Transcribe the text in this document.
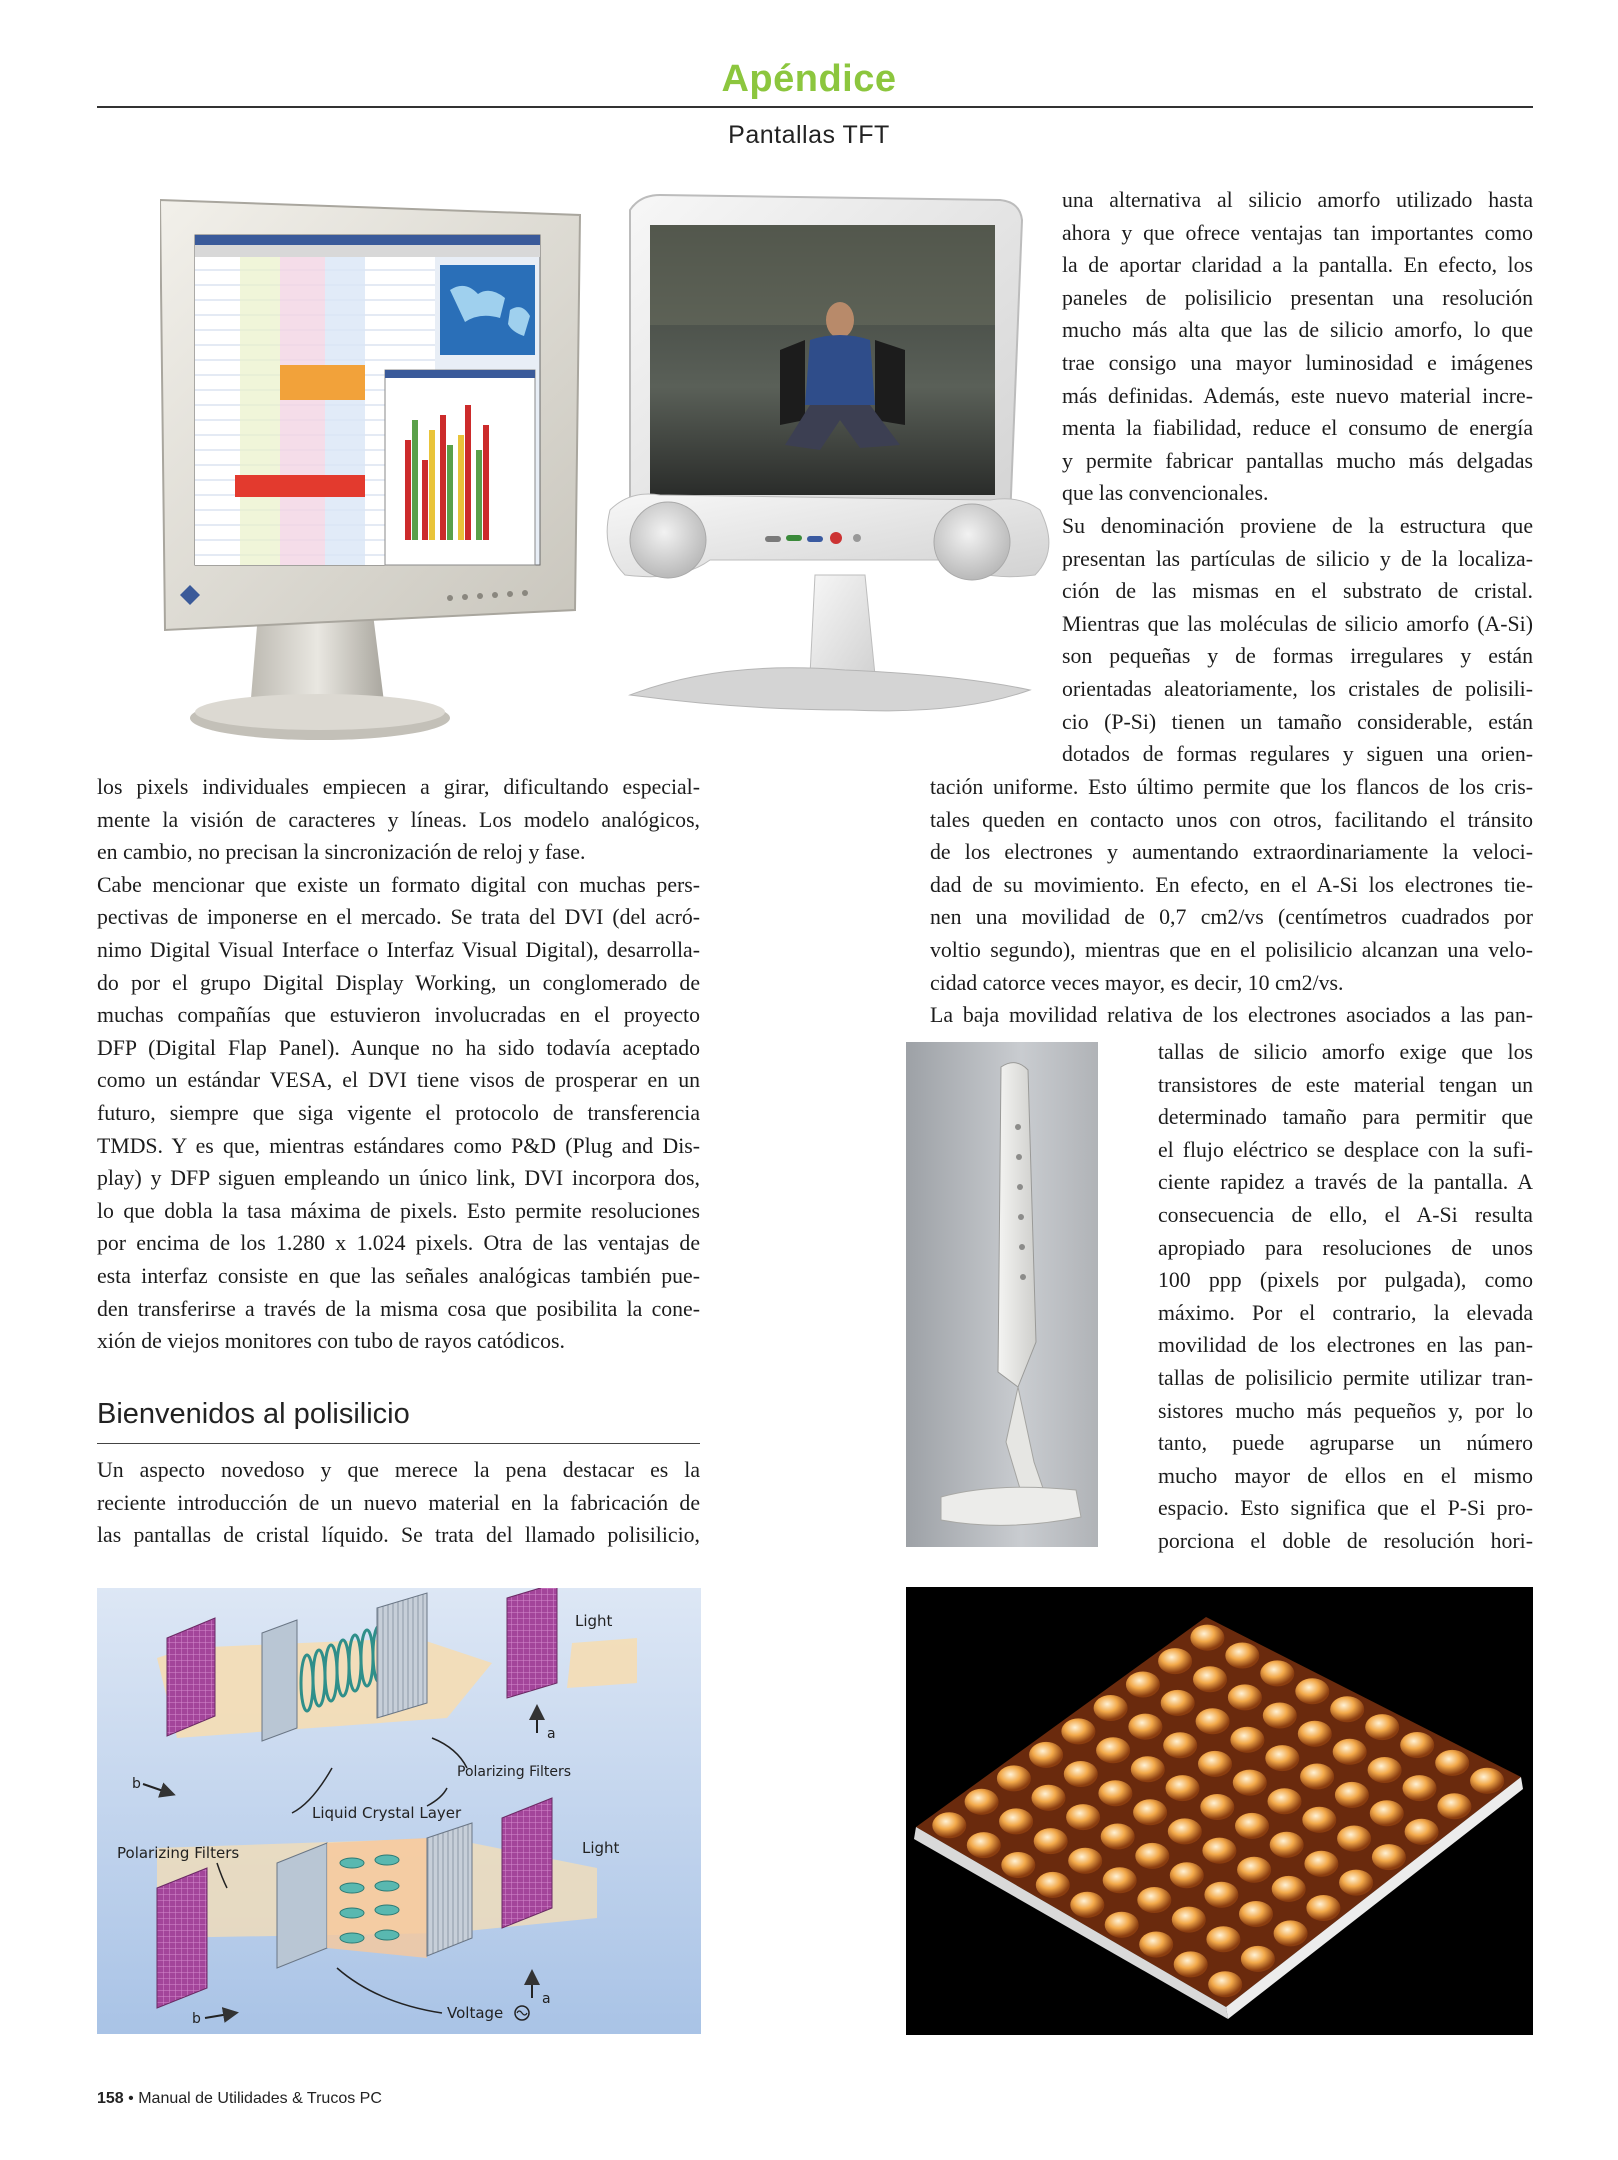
Apéndice
Pantallas TFT

una alternativa al silicio amorfo utilizado hasta

ahora y que ofrece ventajas tan importantes como

la de aportar claridad a la pantalla. En efecto, los

paneles de polisilicio presentan una resolución

mucho más alta que las de silicio amorfo, lo que

trae consigo una mayor luminosidad e imágenes

más definidas. Además, este nuevo material incre-

menta la fiabilidad, reduce el consumo de energía

y permite fabricar pantallas mucho más delgadas

que las convencionales.

Su denominación proviene de la estructura que

presentan las partículas de silicio y de la localiza-

ción de las mismas en el substrato de cristal.

Mientras que las moléculas de silicio amorfo (A-Si)

son pequeñas y de formas irregulares y están

orientadas aleatoriamente, los cristales de polisili-

cio (P-Si) tienen un tamaño considerable, están

dotados de formas regulares y siguen una orien-

tación uniforme. Esto último permite que los flancos de los cris-

tales queden en contacto unos con otros, facilitando el tránsito

de los electrones y aumentando extraordinariamente la veloci-

dad de su movimiento. En efecto, en el A-Si los electrones tie-

nen una movilidad de 0,7 cm2/vs (centímetros cuadrados por

voltio segundo), mientras que en el polisilicio alcanzan una velo-

cidad catorce veces mayor, es decir, 10 cm2/vs.

La baja movilidad relativa de los electrones asociados a las pan-

tallas de silicio amorfo exige que los

transistores de este material tengan un

determinado tamaño para permitir que

el flujo eléctrico se desplace con la sufi-

ciente rapidez a través de la pantalla. A

consecuencia de ello, el A-Si resulta

apropiado para resoluciones de unos

100 ppp (pixels por pulgada), como

máximo. Por el contrario, la elevada

movilidad de los electrones en las pan-

tallas de polisilicio permite utilizar tran-

sistores mucho más pequeños y, por lo

tanto, puede agruparse un número

mucho mayor de ellos en el mismo

espacio. Esto significa que el P-Si pro-

porciona el doble de resolución hori-

los pixels individuales empiecen a girar, dificultando especial-

mente la visión de caracteres y líneas. Los modelo analógicos,

en cambio, no precisan la sincronización de reloj y fase.

Cabe mencionar que existe un formato digital con muchas pers-

pectivas de imponerse en el mercado. Se trata del DVI (del acró-

nimo Digital Visual Interface o Interfaz Visual Digital), desarrolla-

do por el grupo Digital Display Working, un conglomerado de

muchas compañías que estuvieron involucradas en el proyecto

DFP (Digital Flap Panel). Aunque no ha sido todavía aceptado

como un estándar VESA, el DVI tiene visos de prosperar en un

futuro, siempre que siga vigente el protocolo de transferencia

TMDS. Y es que, mientras estándares como P&D (Plug and Dis-

play) y DFP siguen empleando un único link, DVI incorpora dos,

lo que dobla la tasa máxima de pixels. Esto permite resoluciones

por encima de los 1.280 x 1.024 pixels. Otra de las ventajas de

esta interfaz consiste en que las señales analógicas también pue-

den transferirse a través de la misma cosa que posibilita la cone-

xión de viejos monitores con tubo de rayos catódicos.

Bienvenidos al polisilicio

Un aspecto novedoso y que merece la pena destacar es la

reciente introducción de un nuevo material en la fabricación de

las pantallas de cristal líquido. Se trata del llamado polisilicio,

Light
a
Polarizing Filters
b
Liquid Crystal Layer
Polarizing Filters	Light
a
b	Voltage
158 • Manual de Utilidades & Trucos PC
